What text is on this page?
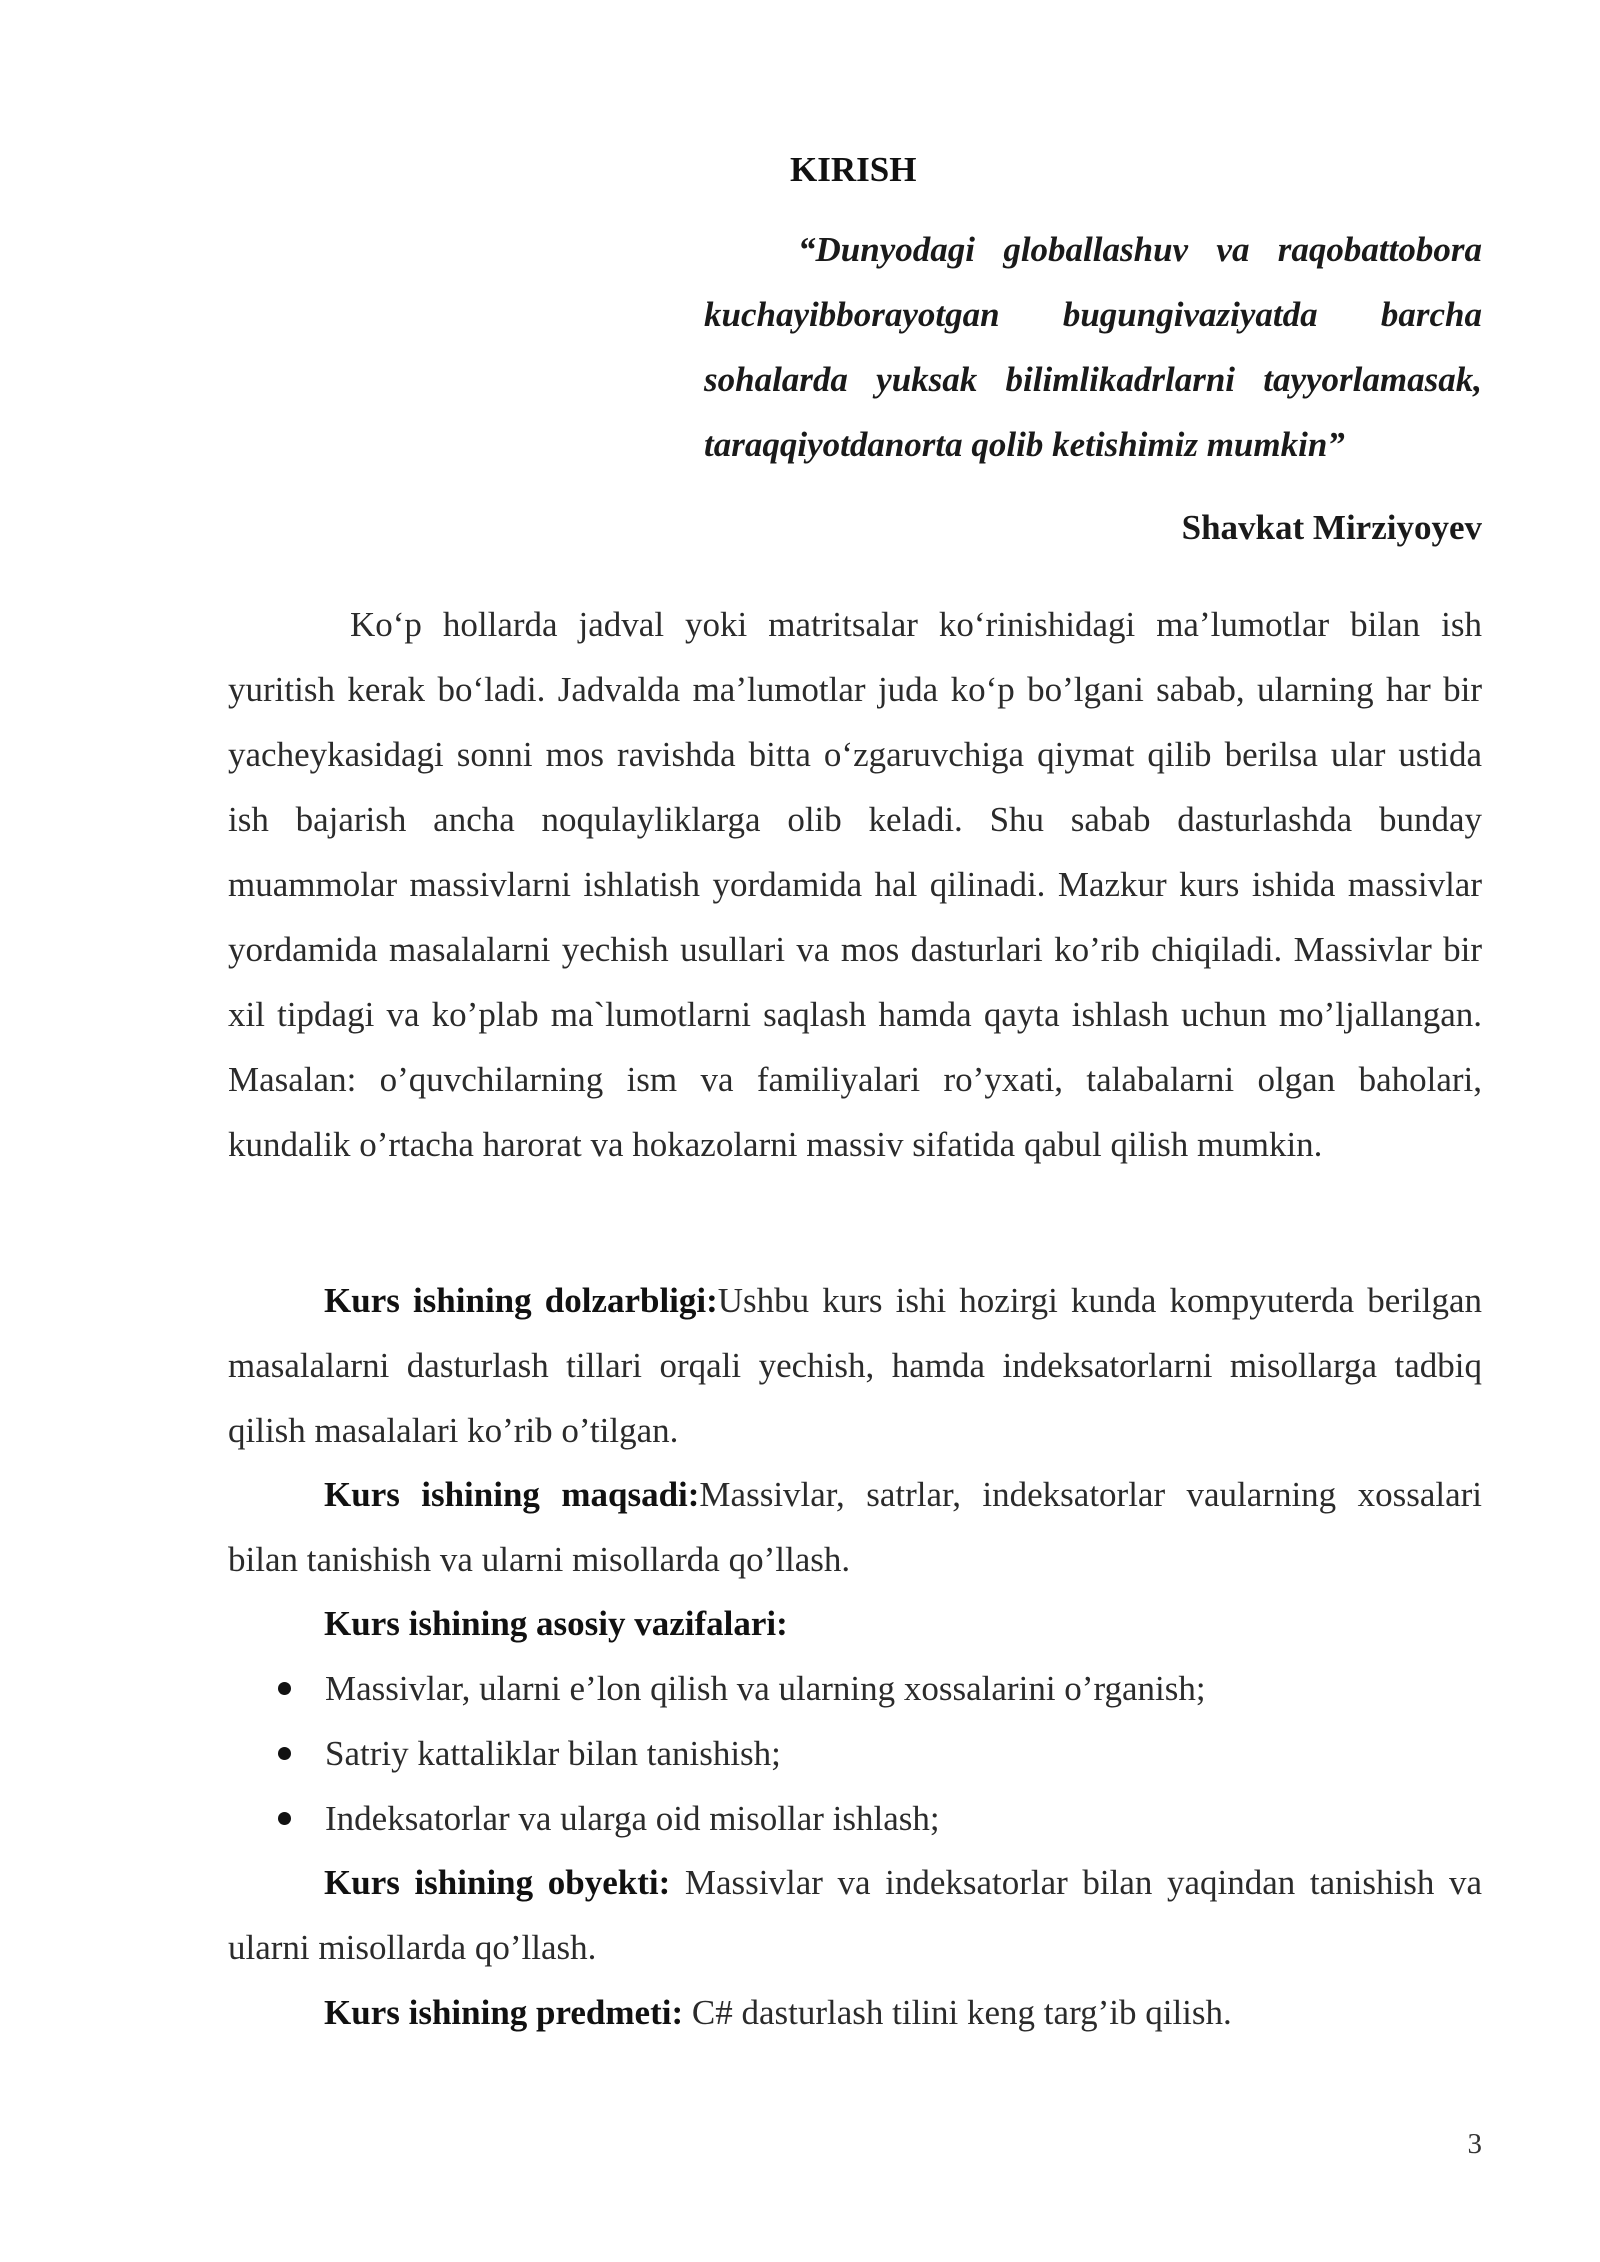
KIRISH

“Dunyodagi globallashuv va raqobattobora kuchayibborayotgan bugungivaziyatda barcha sohalarda yuksak bilimlikadrlarni tayyorlamasak, taraqqiyotdanorta qolib ketishimiz mumkin”

Shavkat Mirziyoyev

Koʻp hollarda jadval yoki matritsalar koʻrinishidagi maʼlumotlar bilan ish yuritish kerak boʻladi. Jadvalda maʼlumotlar juda koʻp bo’lgani sabab, ularning har bir yacheykasidagi sonni mos ravishda bitta oʻzgaruvchiga qiymat qilib berilsa ular ustida ish bajarish ancha noqulayliklarga olib keladi. Shu sabab dasturlashda bunday muammolar massivlarni ishlatish yordamida hal qilinadi. Mazkur kurs ishida massivlar yordamida masalalarni yechish usullari va mos dasturlari ko’rib chiqiladi. Massivlar bir xil tipdagi va ko’plab ma`lumotlarni saqlash hamda qayta ishlash uchun mo’ljallangan. Masalan: o’quvchilarning ism va familiyalari ro’yxati, talabalarni olgan baholari, kundalik o’rtacha harorat va hokazolarni massiv sifatida qabul qilish mumkin.

Kurs ishining dolzarbligi:Ushbu kurs ishi hozirgi kunda kompyuterda berilgan masalalarni dasturlash tillari orqali yechish, hamda indeksatorlarni misollarga tadbiq qilish masalalari ko’rib o’tilgan.

Kurs ishining maqsadi:Massivlar, satrlar, indeksatorlar vaularning xossalari bilan tanishish va ularni misollarda qo’llash.

Kurs ishining asosiy vazifalari:

Massivlar, ularni e’lon qilish va ularning xossalarini o’rganish;
Satriy kattaliklar bilan tanishish;
Indeksatorlar va ularga oid misollar ishlash;

Kurs ishining obyekti: Massivlar va indeksatorlar bilan yaqindan tanishish va ularni misollarda qo’llash.

Kurs ishining predmeti: C# dasturlash tilini keng targ’ib qilish.

3
